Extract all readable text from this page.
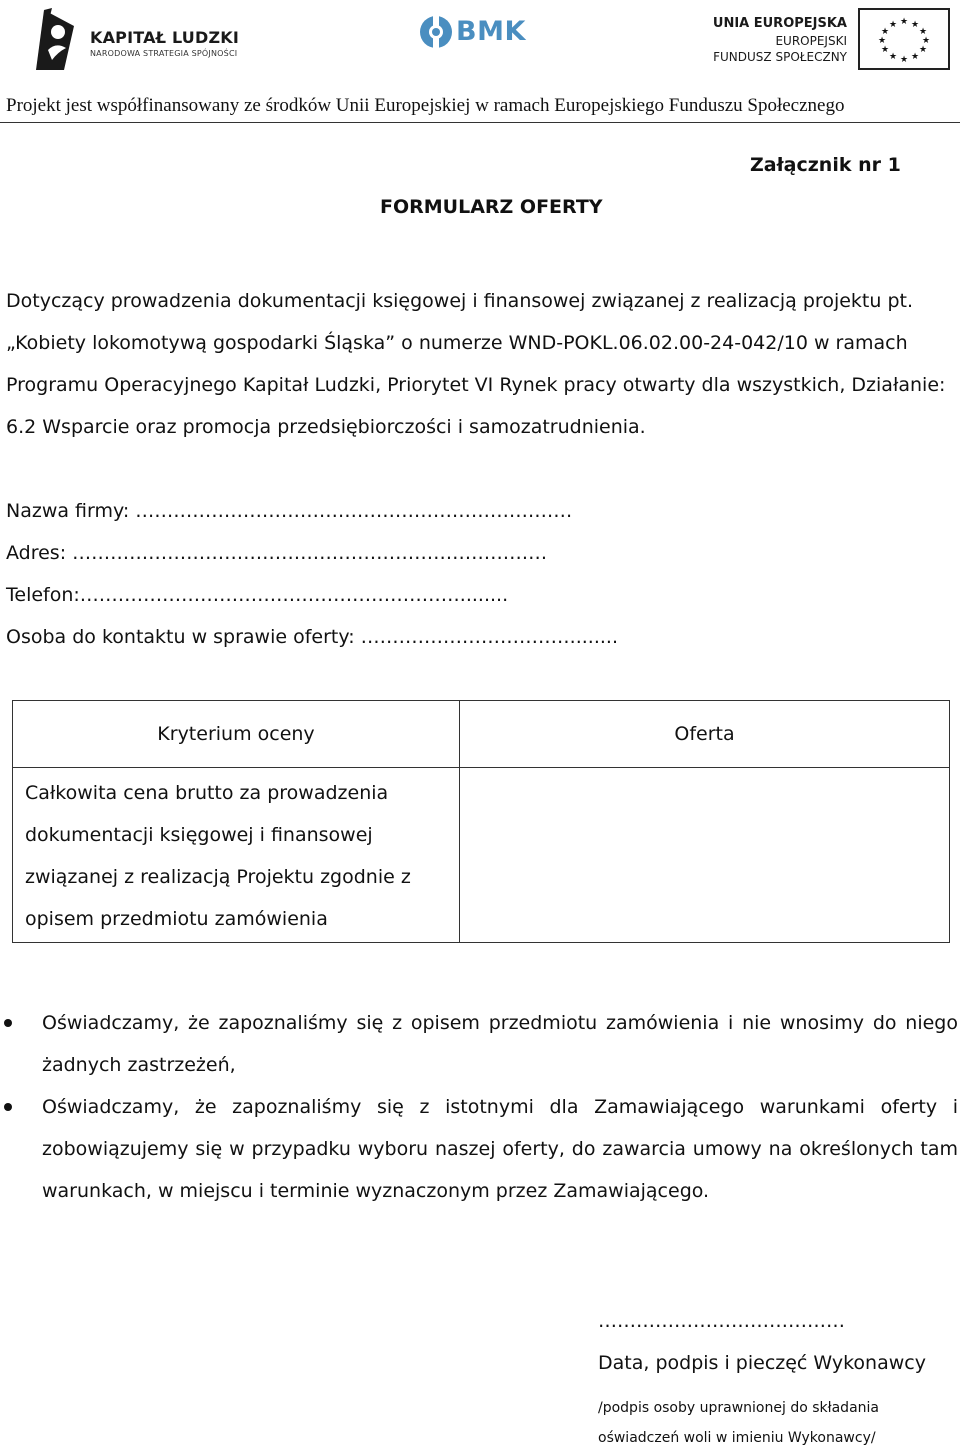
KAPITAŁ LUDZKI
NARODOWA STRATEGIA SPÓJNOŚCI
BMK	UNIA EUROPEJSKA
EUROPEJSKI
FUNDUSZ SPOŁECZNY
★ ★
★
★
★
★
★
★
★
★
★
★
Projekt jest współfinansowany ze środków Unii Europejskiej w ramach Europejskiego Funduszu Społecznego
Załącznik nr 1
FORMULARZ OFERTY
Dotyczący prowadzenia dokumentacji księgowej i finansowej związanej z realizacją projektu pt.
„Kobiety lokomotywą gospodarki Śląska” o numerze WND-POKL.06.02.00-24-042/10 w ramach
Programu Operacyjnego Kapitał Ludzki, Priorytet VI Rynek pracy otwarty dla wszystkich, Działanie:
6.2 Wsparcie oraz promocja przedsiębiorczości i samozatrudnienia.
Nazwa firmy: ……………………………………………………………
Adres: …………………………………………………………………
Telefon:……………………………………………………........
Osoba do kontaktu w sprawie oferty: ……………………………........
Kryterium oceny	Oferta

Całkowita cena brutto za prowadzenia
dokumentacji księgowej i finansowej
związanej z realizacją Projektu zgodnie z
opisem przedmiotu zamówienia	

Oświadczamy, że zapoznaliśmy się z opisem przedmiotu zamówienia i nie wnosimy do niego żadnych zastrzeżeń,
Oświadczamy, że zapoznaliśmy się z istotnymi dla Zamawiającego warunkami oferty i zobowiązujemy się w przypadku wyboru naszej oferty, do zawarcia umowy na określonych tam warunkach, w miejscu i terminie wyznaczonym przez Zamawiającego.
…………………………………
Data, podpis i pieczęć Wykonawcy
/podpis osoby uprawnionej do składania
oświadczeń woli w imieniu Wykonawcy/
